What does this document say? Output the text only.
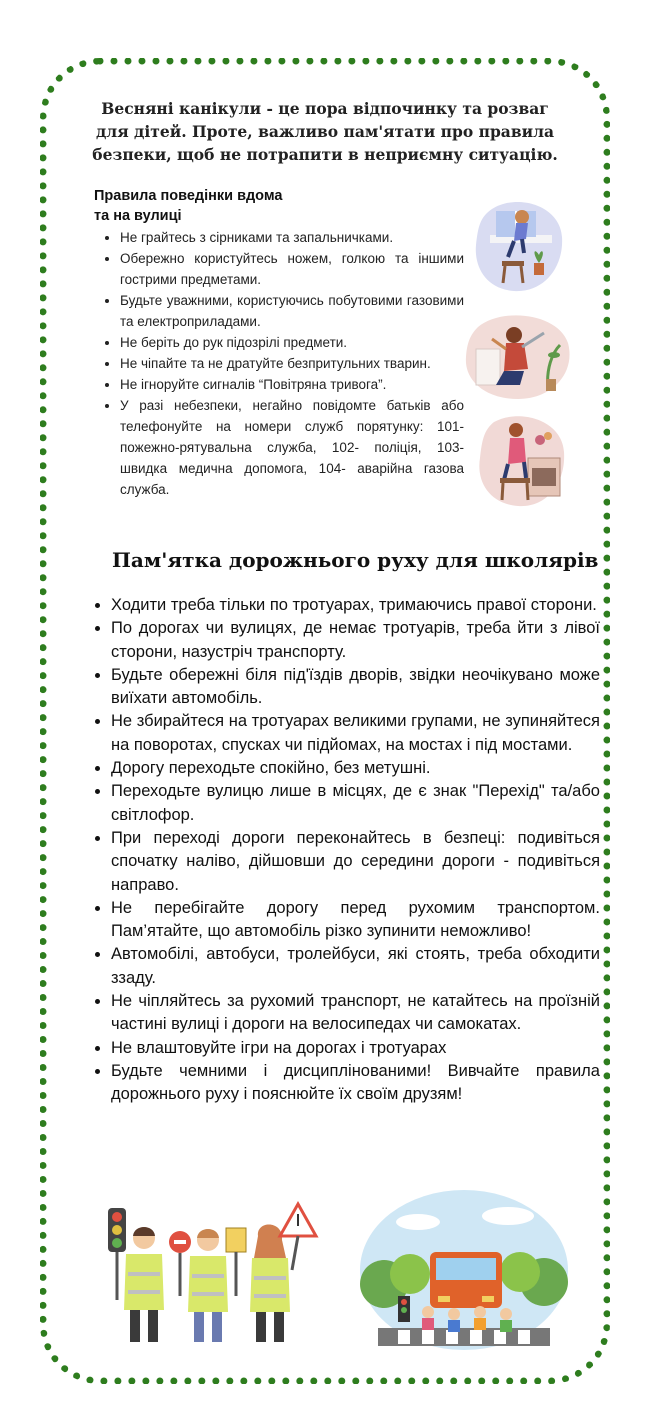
Весняні канікули - це пора відпочинку та розваг для дітей. Проте, важливо пам'ятати про правила безпеки, щоб не потрапити в неприємну ситуацію.
Правила поведінки вдома
та на вулиці
• Не грайтесь з сірниками та запальничками.
• Обережно користуйтесь ножем, голкою та іншими гострими предметами.
• Будьте уважними, користуючись побутовими газовими та електроприладами.
• Не беріть до рук підозрілі предмети.
• Не чіпайте та не дратуйте безпритульних тварин.
• Не ігноруйте сигналів “Повітряна тривога”.
• У разі небезпеки, негайно повідомте батьків або телефонуйте на номери служб порятунку: 101- пожежно-рятувальна служба, 102- поліція, 103- швидка медична допомога, 104- аварійна газова служба.
Пам'ятка дорожнього руху для школярів
• Ходити треба тільки по тротуарах, тримаючись правої сторони.
• По дорогах чи вулицях, де немає тротуарів, треба йти з лівої сторони, назустріч транспорту.
• Будьте обережні біля під'їздів дворів, звідки неочікувано може виїхати автомобіль.
• Не збирайтеся на тротуарах великими групами, не зупиняйтеся на поворотах, спусках чи підйомах, на мостах і під мостами.
• Дорогу переходьте спокійно, без метушні.
• Переходьте вулицю лише в місцях, де є знак "Перехід" та/або світлофор.
• При переході дороги переконайтесь в безпеці: подивіться спочатку наліво, дійшовши до середини дороги - подивіться направо.
• Не перебігайте дорогу перед рухомим транспортом. Пам’ятайте, що автомобіль різко зупинити неможливо!
• Автомобілі, автобуси, тролейбуси, які стоять, треба обходити ззаду.
• Не чіпляйтесь за рухомий транспорт, не катайтесь на проїзній частині вулиці і дороги на велосипедах чи самокатах.
• Не влаштовуйте ігри на дорогах і тротуарах
• Будьте чемними і дисциплінованими! Вивчайте правила дорожнього руху і пояснюйте їх своїм друзям!
